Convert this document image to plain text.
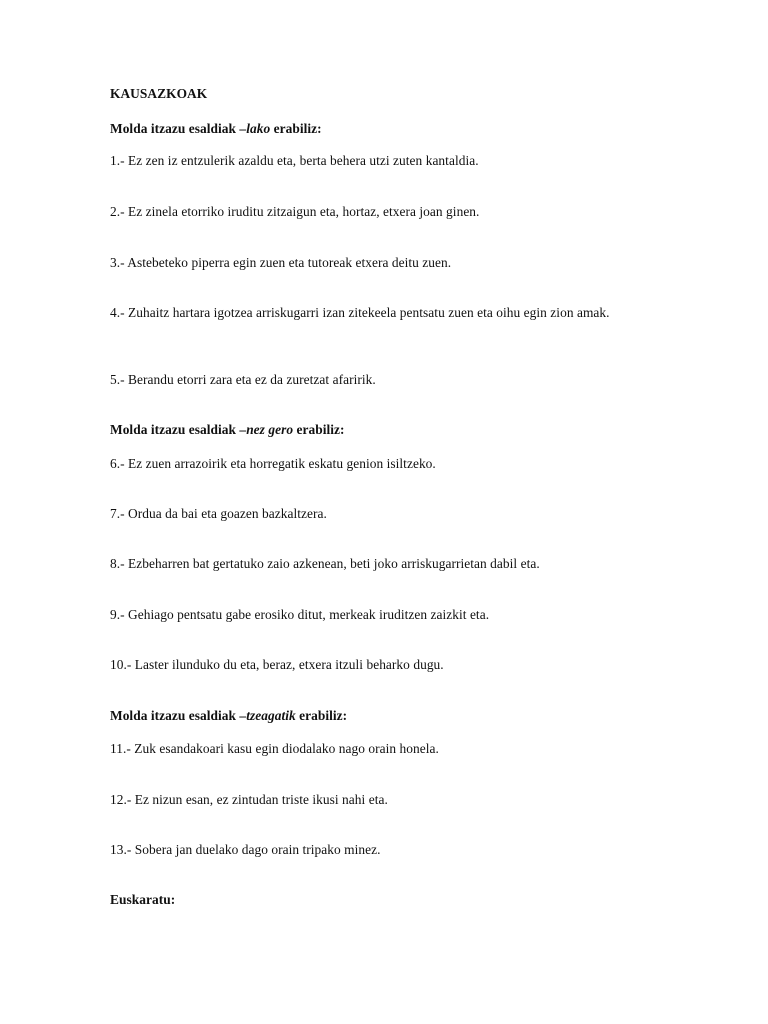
KAUSAZKOAK
Molda itzazu esaldiak –lako erabiliz:
1.- Ez zen iz entzulerik azaldu eta, berta behera utzi zuten kantaldia.
2.- Ez zinela etorriko iruditu zitzaigun eta, hortaz, etxera joan ginen.
3.- Astebeteko piperra egin zuen eta tutoreak etxera deitu zuen.
4.- Zuhaitz hartara igotzea arriskugarri izan zitekeela pentsatu zuen eta oihu egin zion amak.
5.- Berandu etorri zara eta ez da zuretzat afaririk.
Molda itzazu esaldiak –nez gero erabiliz:
6.- Ez zuen arrazoirik eta horregatik eskatu genion isiltzeko.
7.- Ordua da bai eta goazen bazkaltzera.
8.- Ezbeharren bat gertatuko zaio azkenean, beti joko arriskugarrietan dabil eta.
9.- Gehiago pentsatu gabe erosiko ditut, merkeak iruditzen zaizkit eta.
10.- Laster ilunduko du eta, beraz, etxera itzuli beharko dugu.
Molda itzazu esaldiak –tzeagatik erabiliz:
11.- Zuk esandakoari kasu egin diodalako nago orain honela.
12.- Ez nizun esan, ez zintudan triste ikusi nahi eta.
13.- Sobera jan duelako dago orain tripako minez.
Euskaratu:
